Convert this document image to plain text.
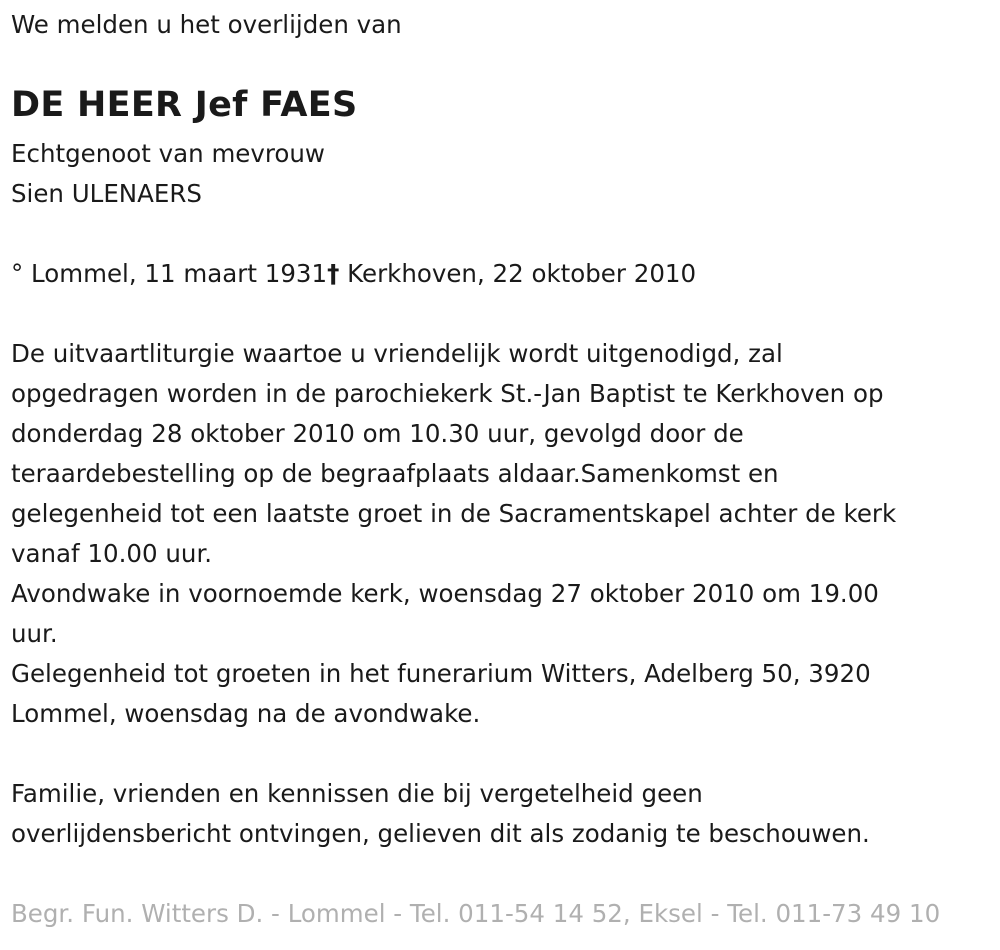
We melden u het overlijden van
DE HEER Jef FAES
Echtgenoot van mevrouw
Sien ULENAERS
° Lommel, 11 maart 1931† Kerkhoven, 22 oktober 2010
De uitvaartliturgie waartoe u vriendelijk wordt uitgenodigd, zal
opgedragen worden in de parochiekerk St.-Jan Baptist te Kerkhoven op
donderdag 28 oktober 2010 om 10.30 uur, gevolgd door de
teraardebestelling op de begraafplaats aldaar.Samenkomst en
gelegenheid tot een laatste groet in de Sacramentskapel achter de kerk
vanaf 10.00 uur.
Avondwake in voornoemde kerk, woensdag 27 oktober 2010 om 19.00
uur.
Gelegenheid tot groeten in het funerarium Witters, Adelberg 50, 3920
Lommel, woensdag na de avondwake.
Familie, vrienden en kennissen die bij vergetelheid geen
overlijdensbericht ontvingen, gelieven dit als zodanig te beschouwen.
Begr. Fun. Witters D. - Lommel - Tel. 011-54 14 52, Eksel - Tel. 011-73 49 10
